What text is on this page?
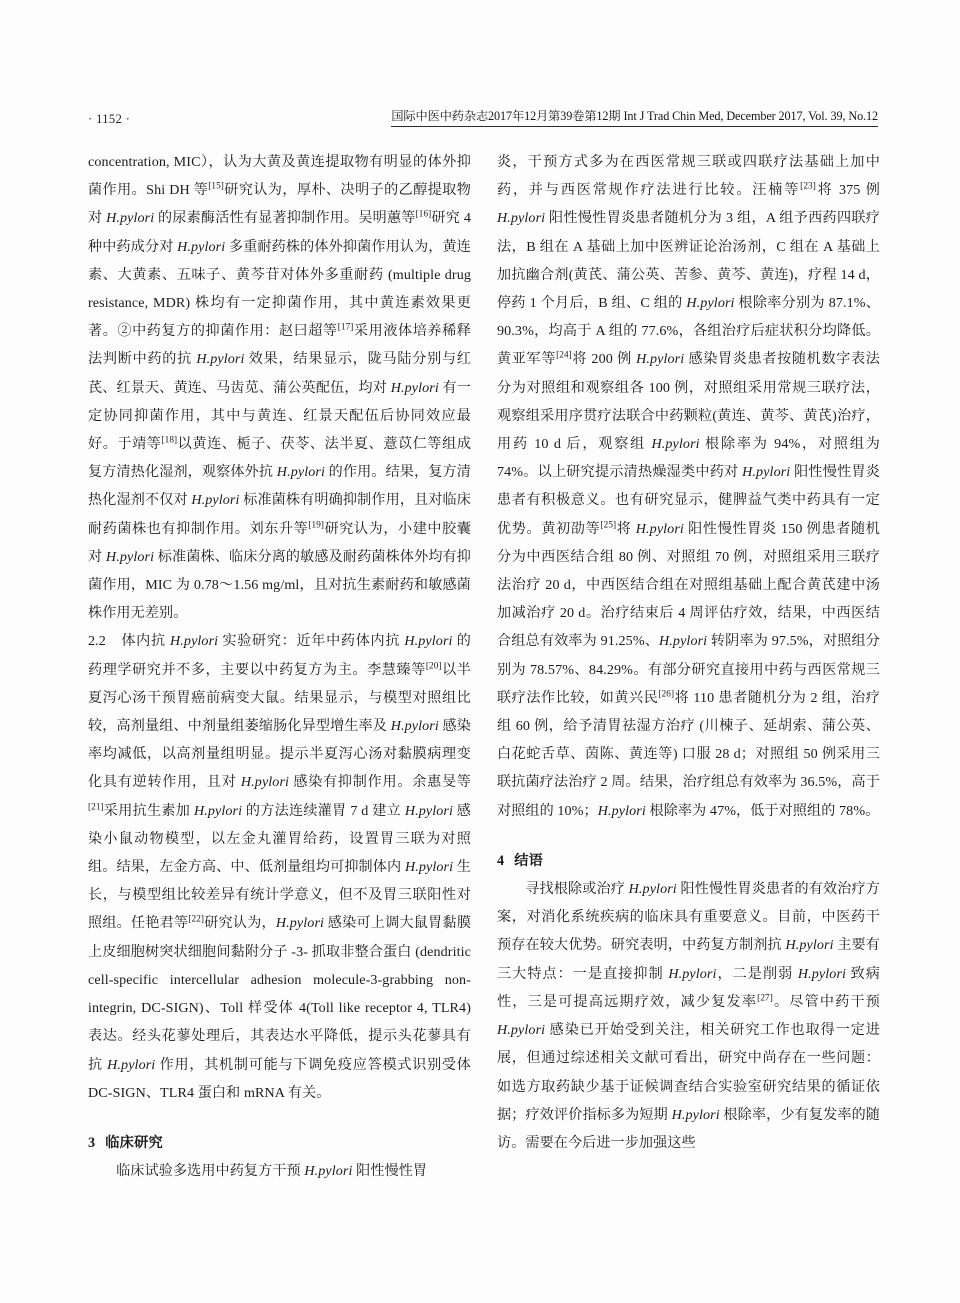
· 1152 ·	国际中医中药杂志2017年12月第39卷第12期 Int J Trad Chin Med, December 2017, Vol. 39, No.12

concentration, MIC），认为大黄及黄连提取物有明显的体外抑菌作用。Shi DH 等[15]研究认为，厚朴、决明子的乙醇提取物对 H.pylori 的尿素酶活性有显著抑制作用。吴明蕙等[16]研究 4 种中药成分对 H.pylori 多重耐药株的体外抑菌作用认为，黄连素、大黄素、五味子、黄芩苷对体外多重耐药 (multiple drug resistance, MDR) 株均有一定抑菌作用，其中黄连素效果更著。②中药复方的抑菌作用：赵曰超等[17]采用液体培养稀释法判断中药的抗 H.pylori 效果，结果显示，陇马陆分别与红芪、红景天、黄连、马齿苋、蒲公英配伍，均对 H.pylori 有一定协同抑菌作用，其中与黄连、红景天配伍后协同效应最好。于靖等[18]以黄连、栀子、茯苓、法半夏、薏苡仁等组成复方清热化湿剂，观察体外抗 H.pylori 的作用。结果，复方清热化湿剂不仅对 H.pylori 标准菌株有明确抑制作用，且对临床耐药菌株也有抑制作用。刘东升等[19]研究认为，小建中胶囊对 H.pylori 标准菌株、临床分离的敏感及耐药菌株体外均有抑菌作用，MIC 为 0.78～1.56 mg/ml，且对抗生素耐药和敏感菌株作用无差别。

2.2　体内抗 H.pylori 实验研究：近年中药体内抗 H.pylori 的药理学研究并不多，主要以中药复方为主。李慧臻等[20]以半夏泻心汤干预胃癌前病变大鼠。结果显示，与模型对照组比较，高剂量组、中剂量组萎缩肠化异型增生率及 H.pylori 感染率均减低，以高剂量组明显。提示半夏泻心汤对黏膜病理变化具有逆转作用，且对 H.pylori 感染有抑制作用。余惠旻等[21]采用抗生素加 H.pylori 的方法连续灌胃 7 d 建立 H.pylori 感染小鼠动物模型，以左金丸灌胃给药，设置胃三联为对照组。结果，左金方高、中、低剂量组均可抑制体内 H.pylori 生长，与模型组比较差异有统计学意义，但不及胃三联阳性对照组。任艳君等[22]研究认为，H.pylori 感染可上调大鼠胃黏膜上皮细胞树突状细胞间黏附分子 -3- 抓取非整合蛋白 (dendritic cell-specific intercellular adhesion molecule-3-grabbing non-integrin, DC-SIGN)、Toll 样受体 4(Toll like receptor 4, TLR4) 表达。经头花蓼处理后，其表达水平降低，提示头花蓼具有抗 H.pylori 作用，其机制可能与下调免疫应答模式识别受体 DC-SIGN、TLR4 蛋白和 mRNA 有关。

3 临床研究

临床试验多选用中药复方干预 H.pylori 阳性慢性胃

炎，干预方式多为在西医常规三联或四联疗法基础上加中药，并与西医常规作疗法进行比较。汪楠等[23]将 375 例 H.pylori 阳性慢性胃炎患者随机分为 3 组，A 组予西药四联疗法，B 组在 A 基础上加中医辨证论治汤剂，C 组在 A 基础上加抗幽合剂(黄芪、蒲公英、苦参、黄芩、黄连)，疗程 14 d，停药 1 个月后，B 组、C 组的 H.pylori 根除率分别为 87.1%、90.3%，均高于 A 组的 77.6%，各组治疗后症状积分均降低。黄亚军等[24]将 200 例 H.pylori 感染胃炎患者按随机数字表法分为对照组和观察组各 100 例，对照组采用常规三联疗法，观察组采用序贯疗法联合中药颗粒(黄连、黄芩、黄芪)治疗，用药 10 d 后，观察组 H.pylori 根除率为 94%，对照组为 74%。以上研究提示清热燥湿类中药对 H.pylori 阳性慢性胃炎患者有积极意义。也有研究显示，健脾益气类中药具有一定优势。黄初劭等[25]将 H.pylori 阳性慢性胃炎 150 例患者随机分为中西医结合组 80 例、对照组 70 例，对照组采用三联疗法治疗 20 d，中西医结合组在对照组基础上配合黄芪建中汤加减治疗 20 d。治疗结束后 4 周评估疗效，结果，中西医结合组总有效率为 91.25%、H.pylori 转阴率为 97.5%，对照组分别为 78.57%、84.29%。有部分研究直接用中药与西医常规三联疗法作比较，如黄兴民[26]将 110 患者随机分为 2 组，治疗组 60 例，给予清胃祛湿方治疗 (川楝子、延胡索、蒲公英、白花蛇舌草、茵陈、黄连等) 口服 28 d；对照组 50 例采用三联抗菌疗法治疗 2 周。结果，治疗组总有效率为 36.5%，高于对照组的 10%；H.pylori 根除率为 47%，低于对照组的 78%。

4 结语

寻找根除或治疗 H.pylori 阳性慢性胃炎患者的有效治疗方案，对消化系统疾病的临床具有重要意义。目前，中医药干预存在较大优势。研究表明，中药复方制剂抗 H.pylori 主要有三大特点：一是直接抑制 H.pylori，二是削弱 H.pylori 致病性，三是可提高远期疗效，减少复发率[27]。尽管中药干预 H.pylori 感染已开始受到关注，相关研究工作也取得一定进展，但通过综述相关文献可看出，研究中尚存在一些问题：如选方取药缺少基于证候调查结合实验室研究结果的循证依据；疗效评价指标多为短期 H.pylori 根除率，少有复发率的随访。需要在今后进一步加强这些
